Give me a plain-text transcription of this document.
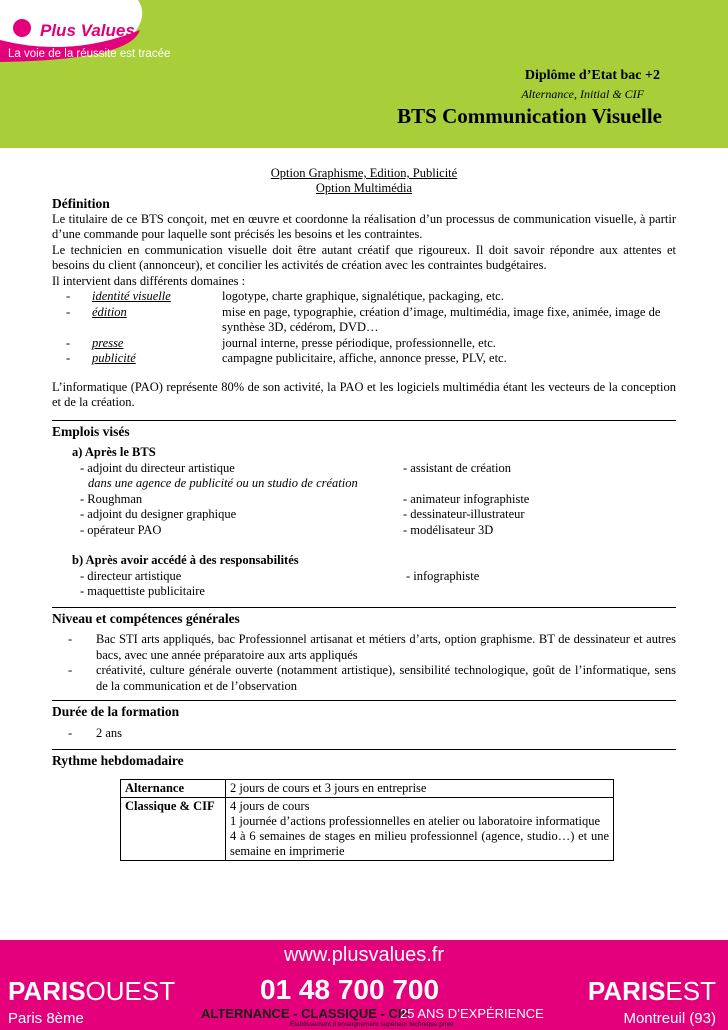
Plus Values
La voie de la réussite est tracée
Diplôme d’Etat bac +2
Alternance, Initial & CIF
BTS Communication Visuelle
Option Graphisme, Edition, Publicité
Option Multimédia
Définition
Le titulaire de ce BTS conçoit, met en œuvre et coordonne la réalisation d’un processus de communication visuelle, à partir d’une commande pour laquelle sont précisés les besoins et les contraintes.
Le technicien en communication visuelle doit être autant créatif que rigoureux. Il doit savoir répondre aux attentes et besoins du client (annonceur), et concilier les activités de création avec les contraintes budgétaires.
Il intervient dans différents domaines :
-	identité visuelle	logotype, charte graphique, signalétique, packaging, etc.
-	édition	mise en page, typographie, création d’image, multimédia, image fixe, animée, image de synthèse 3D, cédérom, DVD…
-	presse	journal interne, presse périodique, professionnelle, etc.
-	publicité	campagne publicitaire, affiche, annonce presse, PLV, etc.
L’informatique (PAO) représente 80% de son activité, la PAO et les logiciels multimédia étant les vecteurs de la conception et de la création.
Emplois visés
a) Après le BTS
- adjoint du directeur artistique	- assistant de création
dans une agence de publicité ou un studio de création
- Roughman	- animateur infographiste
- adjoint du designer graphique	- dessinateur-illustrateur
- opérateur PAO	- modélisateur 3D
b) Après avoir accédé à des responsabilités
- directeur artistique	- infographiste
- maquettiste publicitaire
Niveau et compétences générales
-	Bac STI arts appliqués, bac Professionnel artisanat et métiers d’arts, option graphisme. BT de dessinateur et autres bacs, avec une année préparatoire aux arts appliqués
-	créativité, culture générale ouverte (notamment artistique), sensibilité technologique, goût de l’informatique, sens de la communication et de l’observation
Durée de la formation
-	2 ans
Rythme hebdomadaire
Alternance	2 jours de cours et 3 jours en entreprise

Classique & CIF	4 jours de cours
1 journée d’actions professionnelles en atelier ou laboratoire informatique
4 à 6 semaines de stages en milieu professionnel (agence, studio…) et une semaine en imprimerie
www.plusvalues.fr
PARISOUEST
Paris 8ème
01 48 700 700
ALTERNANCE - CLASSIQUE - CIF
25 ANS D’EXPÉRIENCE
Établissement d’enseignement supérieur technique privé
PARISEST
Montreuil (93)
